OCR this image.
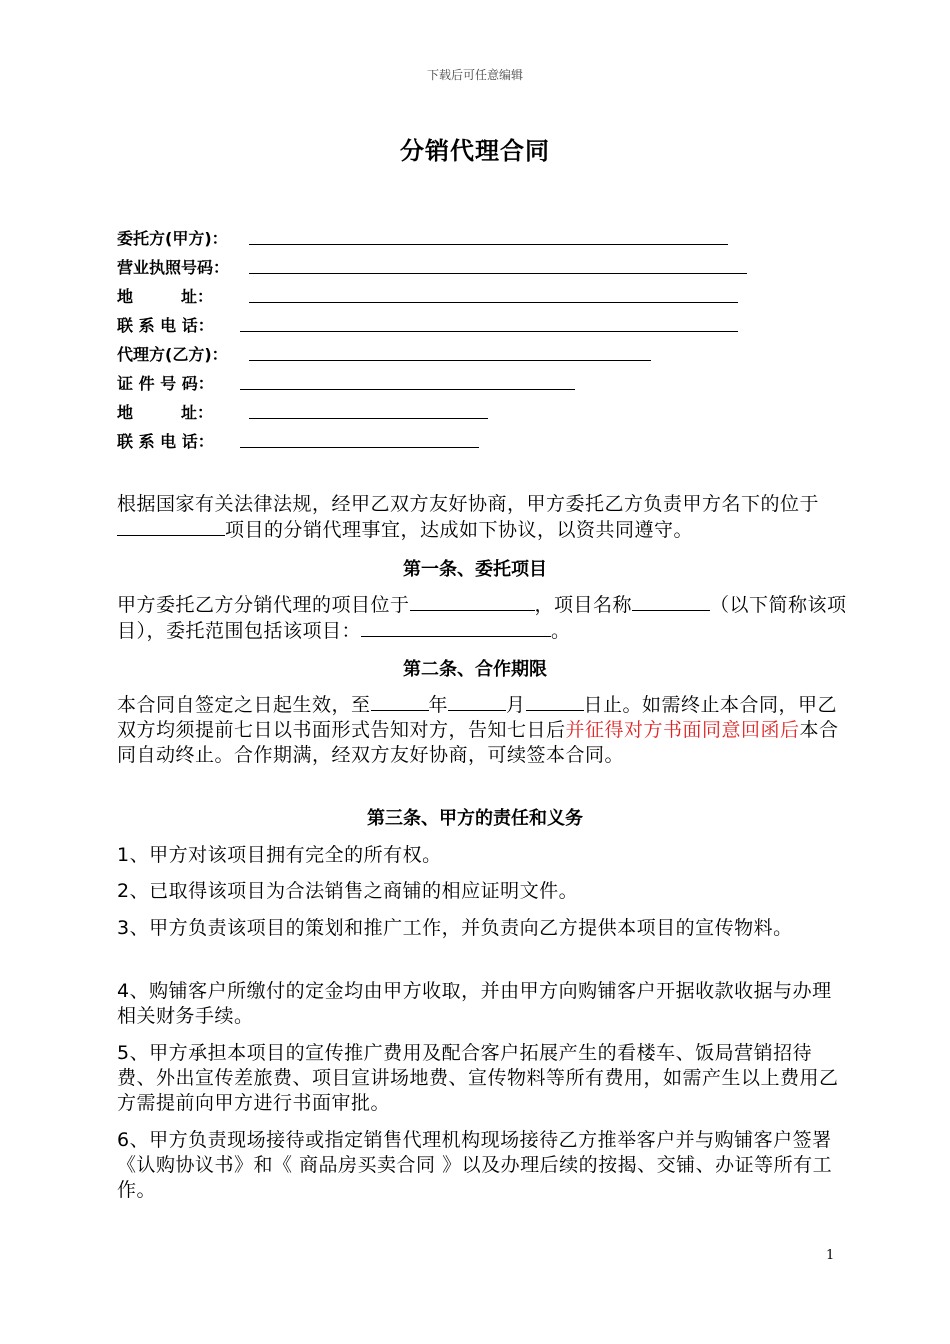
下载后可任意编辑
分销代理合同
委托方(甲方)：
营业执照号码：
地　　　址：
联 系 电 话：
代理方(乙方)：
证 件 号 码：
地　　　址：
联 系 电 话：
根据国家有关法律法规，经甲乙双方友好协商，甲方委托乙方负责甲方名下的位于项目的分销代理事宜，达成如下协议，以资共同遵守。
第一条、委托项目
甲方委托乙方分销代理的项目位于	，项目名称	（以下简称该项目），委托范围包括该项目：	。
第二条、合作期限
本合同自签定之日起生效，至	年	月	日止。如需终止本合同，甲乙双方均须提前七日以书面形式告知对方，告知七日后并征得对方书面同意回函后本合同自动终止。合作期满，经双方友好协商，可续签本合同。
第三条、甲方的责任和义务
1、甲方对该项目拥有完全的所有权。
2、已取得该项目为合法销售之商铺的相应证明文件。
3、甲方负责该项目的策划和推广工作，并负责向乙方提供本项目的宣传物料。
4、购铺客户所缴付的定金均由甲方收取，并由甲方向购铺客户开据收款收据与办理相关财务手续。
5、甲方承担本项目的宣传推广费用及配合客户拓展产生的看楼车、饭局营销招待费、外出宣传差旅费、项目宣讲场地费、宣传物料等所有费用，如需产生以上费用乙方需提前向甲方进行书面审批。
6、甲方负责现场接待或指定销售代理机构现场接待乙方推举客户并与购铺客户签署《认购协议书》和《 商品房买卖合同 》以及办理后续的按揭、交铺、办证等所有工作。
1
